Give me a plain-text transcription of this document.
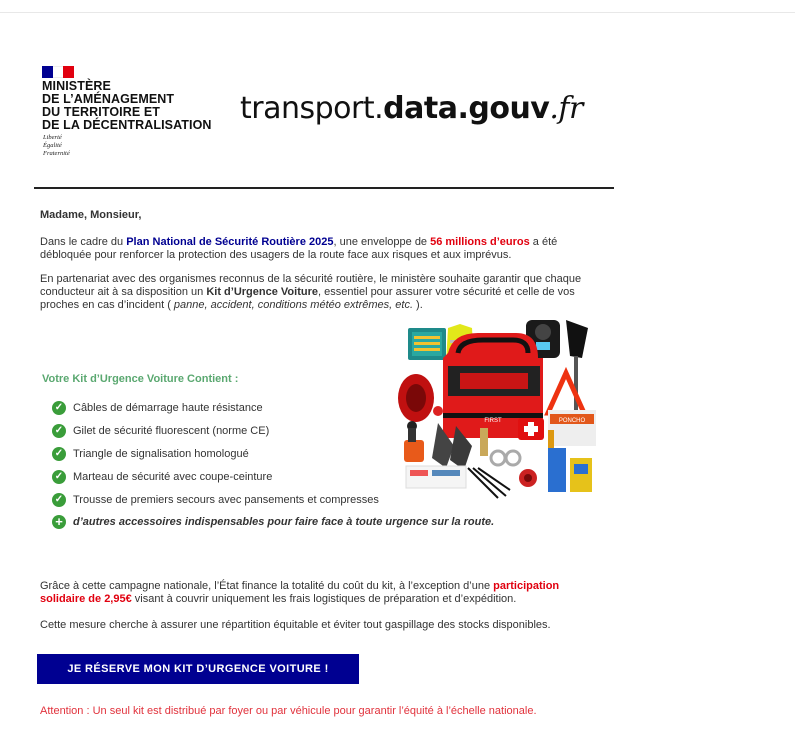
MINISTÈRE
DE L’AMÉNAGEMENT
DU TERRITOIRE ET
DE LA DÉCENTRALISATION
Liberté
Égalité
Fraternité
transport.data.gouv.fr
Madame, Monsieur,
Dans le cadre du Plan National de Sécurité Routière 2025, une enveloppe de 56 millions d’euros a été débloquée pour renforcer la protection des usagers de la route face aux risques et aux imprévus.
En partenariat avec des organismes reconnus de la sécurité routière, le ministère souhaite garantir que chaque conducteur ait à sa disposition un Kit d’Urgence Voiture, essentiel pour assurer votre sécurité et celle de vos proches en cas d’incident ( panne, accident, conditions météo extrêmes, etc. ).
Votre Kit d’Urgence Voiture Contient :
✓ Câbles de démarrage haute résistance
✓ Gilet de sécurité fluorescent (norme CE)
✓ Triangle de signalisation homologué
✓ Marteau de sécurité avec coupe-ceinture
✓ Trousse de premiers secours avec pansements et compresses
+ d’autres accessoires indispensables pour faire face à toute urgence sur la route.
FIRST	PONCHO
Grâce à cette campagne nationale, l’État finance la totalité du coût du kit, à l’exception d’une participation solidaire de 2,95€ visant à couvrir uniquement les frais logistiques de préparation et d’expédition.
Cette mesure cherche à assurer une répartition équitable et éviter tout gaspillage des stocks disponibles.
JE RÉSERVE MON KIT D’URGENCE VOITURE !
Attention : Un seul kit est distribué par foyer ou par véhicule pour garantir l’équité à l’échelle nationale.
